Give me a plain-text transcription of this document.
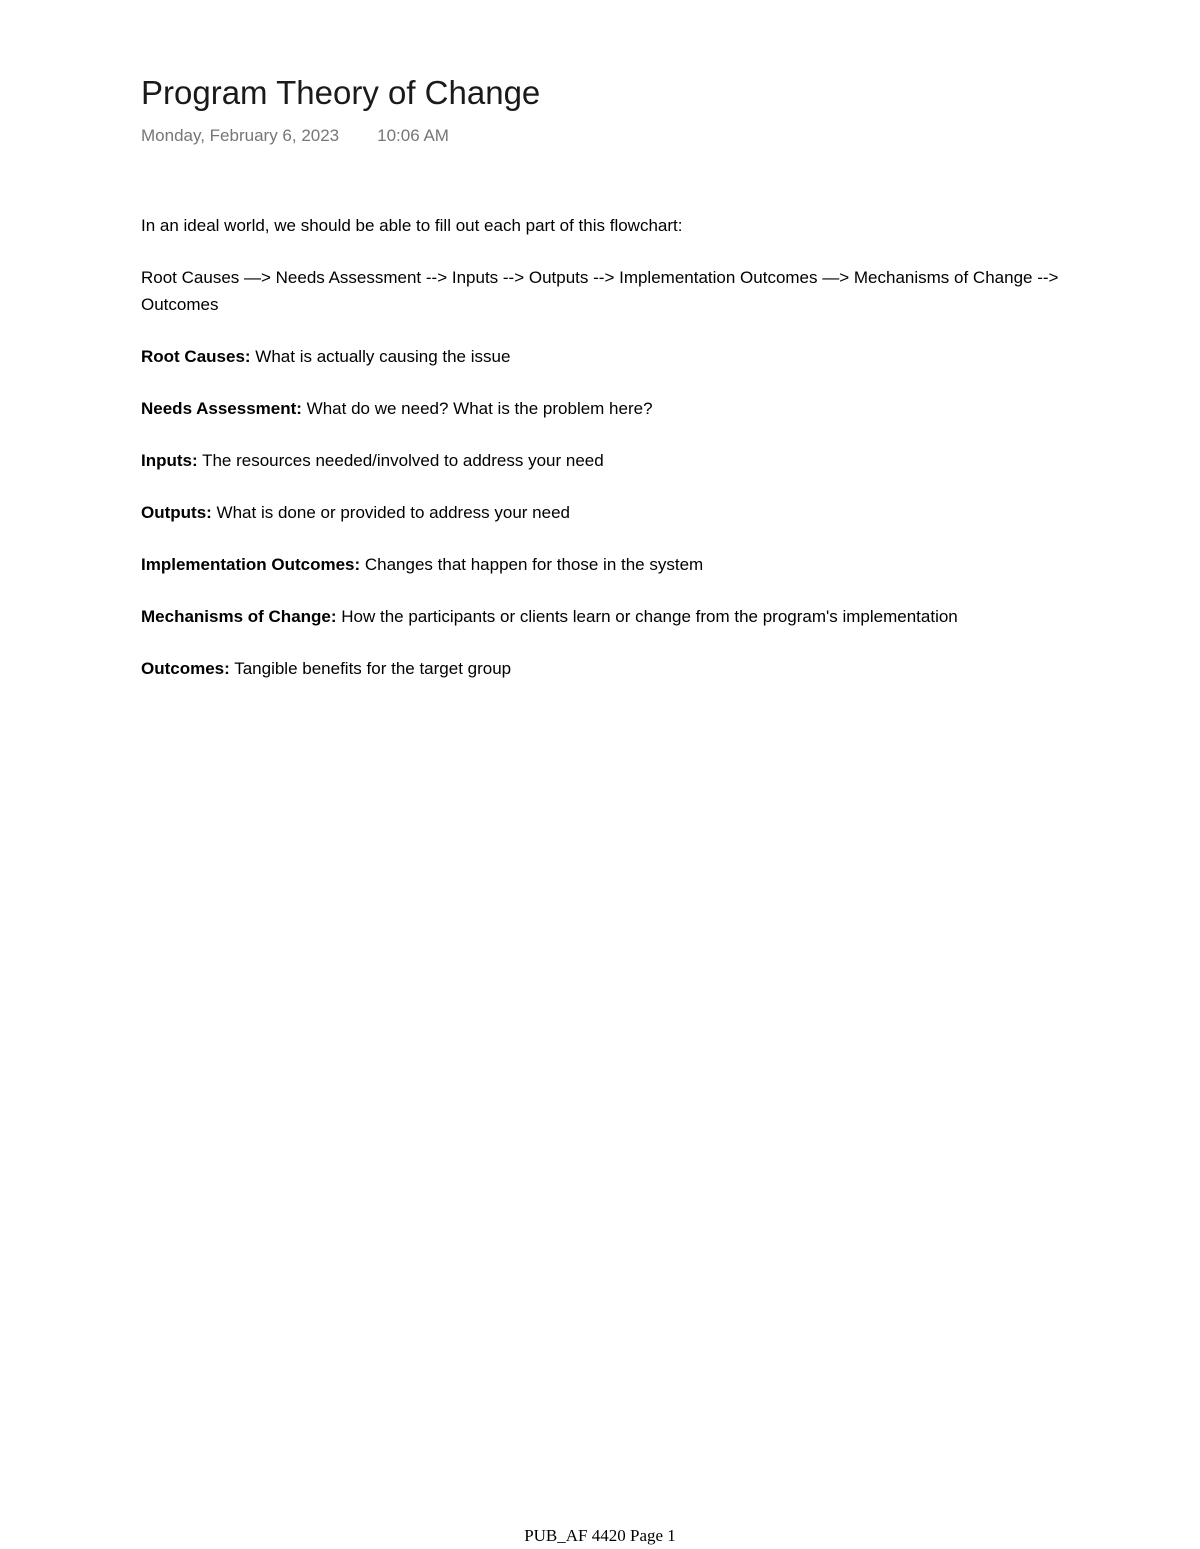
Program Theory of Change
Monday, February 6, 2023 10:06 AM

In an ideal world, we should be able to fill out each part of this flowchart:

Root Causes —> Needs Assessment --> Inputs --> Outputs --> Implementation Outcomes —> Mechanisms of Change --> Outcomes

Root Causes: What is actually causing the issue

Needs Assessment: What do we need? What is the problem here?

Inputs: The resources needed/involved to address your need

Outputs: What is done or provided to address your need

Implementation Outcomes: Changes that happen for those in the system

Mechanisms of Change: How the participants or clients learn or change from the program's implementation

Outcomes: Tangible benefits for the target group

PUB_AF 4420 Page 1
